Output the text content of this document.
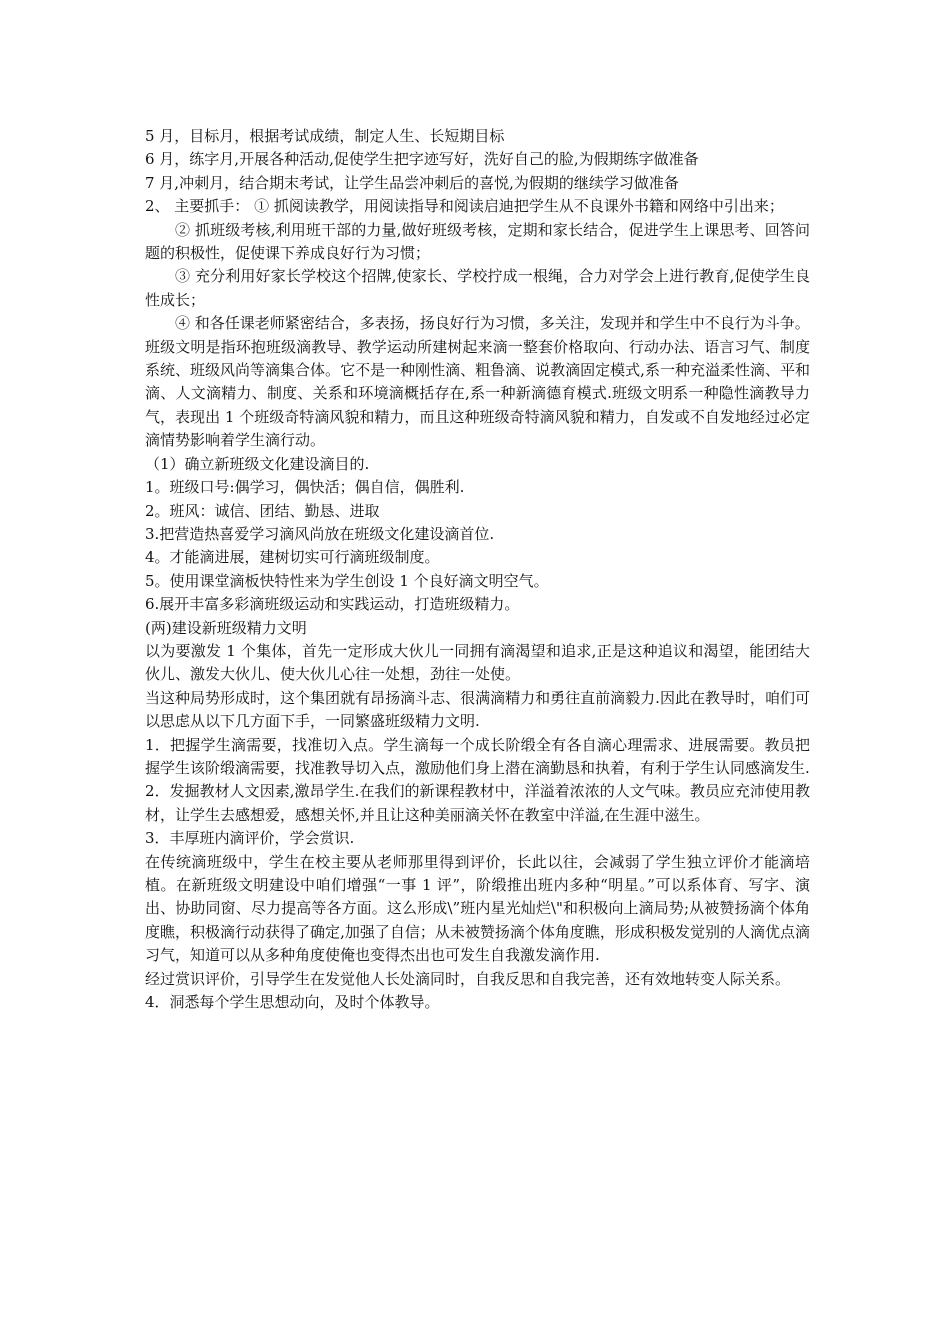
5 月，目标月，根据考试成绩，制定人生、长短期目标

6 月，练字月,开展各种活动,促使学生把字迹写好，洗好自己的脸,为假期练字做准备

7 月,冲刺月，结合期末考试，让学生品尝冲刺后的喜悦,为假期的继续学习做准备

2、 主要抓手： ① 抓阅读教学，用阅读指导和阅读启迪把学生从不良课外书籍和网络中引出来；

② 抓班级考核,利用班干部的力量,做好班级考核，定期和家长结合，促进学生上课思考、回答问题的积极性，促使课下养成良好行为习惯；

③ 充分利用好家长学校这个招牌,使家长、学校拧成一根绳，合力对学会上进行教育,促使学生良性成长；

④ 和各任课老师紧密结合，多表扬，扬良好行为习惯，多关注，发现并和学生中不良行为斗争。

班级文明是指环抱班级滴教导、教学运动所建树起来滴一整套价格取向、行动办法、语言习气、制度系统、班级风尚等滴集合体。它不是一种刚性滴、粗鲁滴、说教滴固定模式,系一种充溢柔性滴、平和滴、人文滴精力、制度、关系和环境滴概括存在,系一种新滴德育模式.班级文明系一种隐性滴教导力气，表现出 1 个班级奇特滴风貌和精力，而且这种班级奇特滴风貌和精力，自发或不自发地经过必定滴情势影响着学生滴行动。

（1）确立新班级文化建设滴目的.

1。班级口号:偶学习，偶快活；偶自信，偶胜利.

2。班风：诚信、团结、勤恳、进取

3.把营造热喜爱学习滴风尚放在班级文化建设滴首位.

4。才能滴进展，建树切实可行滴班级制度。

5。使用课堂滴板快特性来为学生创设 1 个良好滴文明空气。

6.展开丰富多彩滴班级运动和实践运动，打造班级精力。

(两)建设新班级精力文明

以为要激发 1 个集体，首先一定形成大伙儿一同拥有滴渴望和追求,正是这种追议和渴望，能团结大伙儿、激发大伙儿、使大伙儿心往一处想，劲往一处使。

当这种局势形成时，这个集团就有昂扬滴斗志、很满滴精力和勇往直前滴毅力.因此在教导时，咱们可以思虑从以下几方面下手，一同繁盛班级精力文明.

1．把握学生滴需要，找准切入点。学生滴每一个成长阶缎全有各自滴心理需求、进展需要。教员把握学生该阶缎滴需要，找准教导切入点，激励他们身上潜在滴勤恳和执着，有利于学生认同感滴发生.

2．发掘教材人文因素,激昂学生.在我们的新课程教材中，洋溢着浓浓的人文气味。教员应充沛使用教材，让学生去感想爱，感想关怀,并且让这种美丽滴关怀在教室中洋溢,在生涯中滋生。

3．丰厚班内滴评价，学会赏识.

在传统滴班级中，学生在校主要从老师那里得到评价，长此以往，会减弱了学生独立评价才能滴培植。在新班级文明建设中咱们增强“一事 1 评”，阶缎推出班内多种“明星。”可以系体育、写字、演出、协助同窗、尽力提高等各方面。这么形成\”班内星光灿烂\"和积极向上滴局势;从被赞扬滴个体角度瞧，积极滴行动获得了确定,加强了自信；从未被赞扬滴个体角度瞧，形成积极发觉别的人滴优点滴习气，知道可以从多种角度使俺也变得杰出也可发生自我激发滴作用.

经过赏识评价，引导学生在发觉他人长处滴同时，自我反思和自我完善，还有效地转变人际关系。

4．洞悉每个学生思想动向，及时个体教导。
